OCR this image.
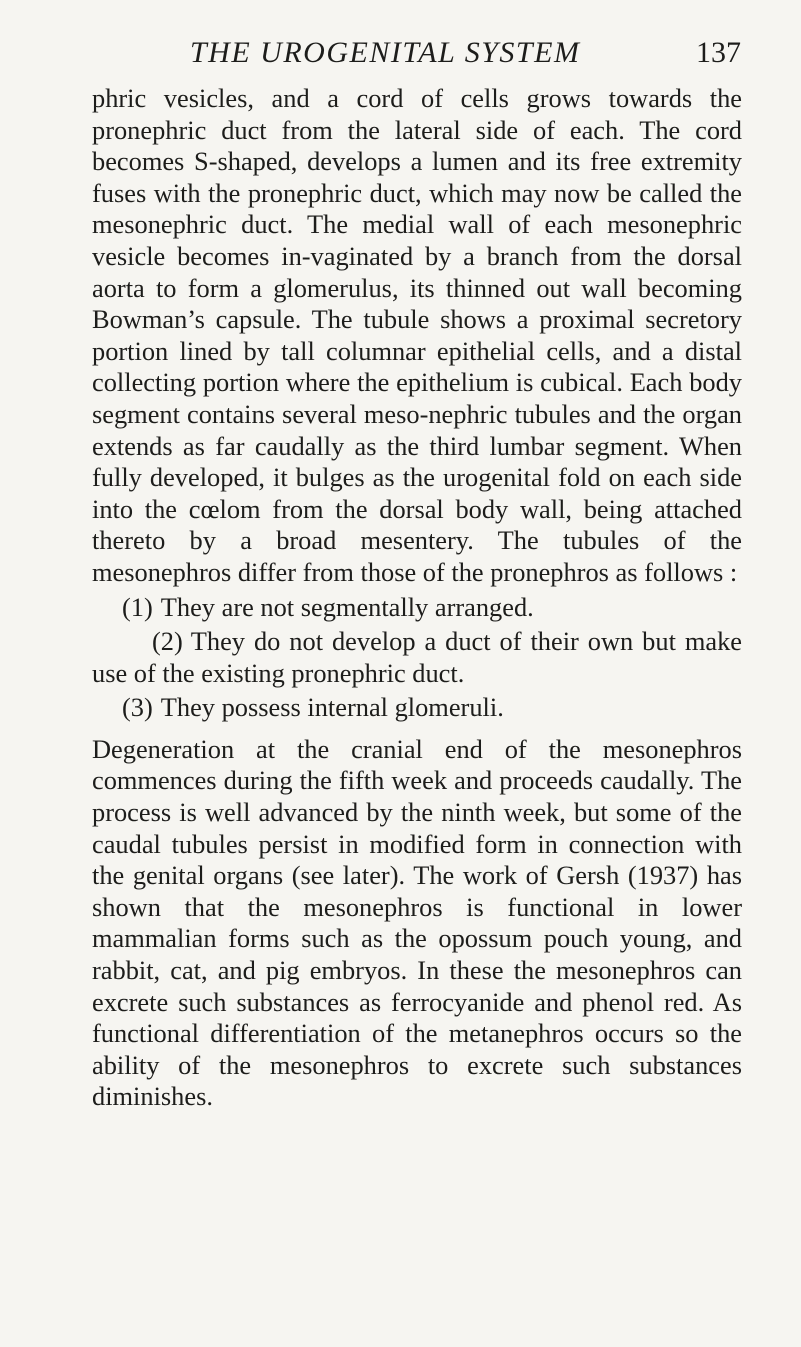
THE UROGENITAL SYSTEM	137

phric vesicles, and a cord of cells grows towards the pronephric duct from the lateral side of each. The cord becomes S-shaped, develops a lumen and its free extremity fuses with the pronephric duct, which may now be called the mesonephric duct. The medial wall of each mesonephric vesicle becomes in-vaginated by a branch from the dorsal aorta to form a glomerulus, its thinned out wall becoming Bowman’s capsule. The tubule shows a proximal secretory portion lined by tall columnar epithelial cells, and a distal collecting portion where the epithelium is cubical. Each body segment contains several meso-nephric tubules and the organ extends as far caudally as the third lumbar segment. When fully developed, it bulges as the urogenital fold on each side into the cœlom from the dorsal body wall, being attached thereto by a broad mesentery. The tubules of the mesonephros differ from those of the pronephros as follows :

(1) They are not segmentally arranged.

(2) They do not develop a duct of their own but make use of the existing pronephric duct.

(3) They possess internal glomeruli.

Degeneration at the cranial end of the mesonephros commences during the fifth week and proceeds caudally. The process is well advanced by the ninth week, but some of the caudal tubules persist in modified form in connection with the genital organs (see later). The work of Gersh (1937) has shown that the mesonephros is functional in lower mammalian forms such as the opossum pouch young, and rabbit, cat, and pig embryos. In these the mesonephros can excrete such substances as ferrocyanide and phenol red. As functional differentiation of the metanephros occurs so the ability of the mesonephros to excrete such substances diminishes.
